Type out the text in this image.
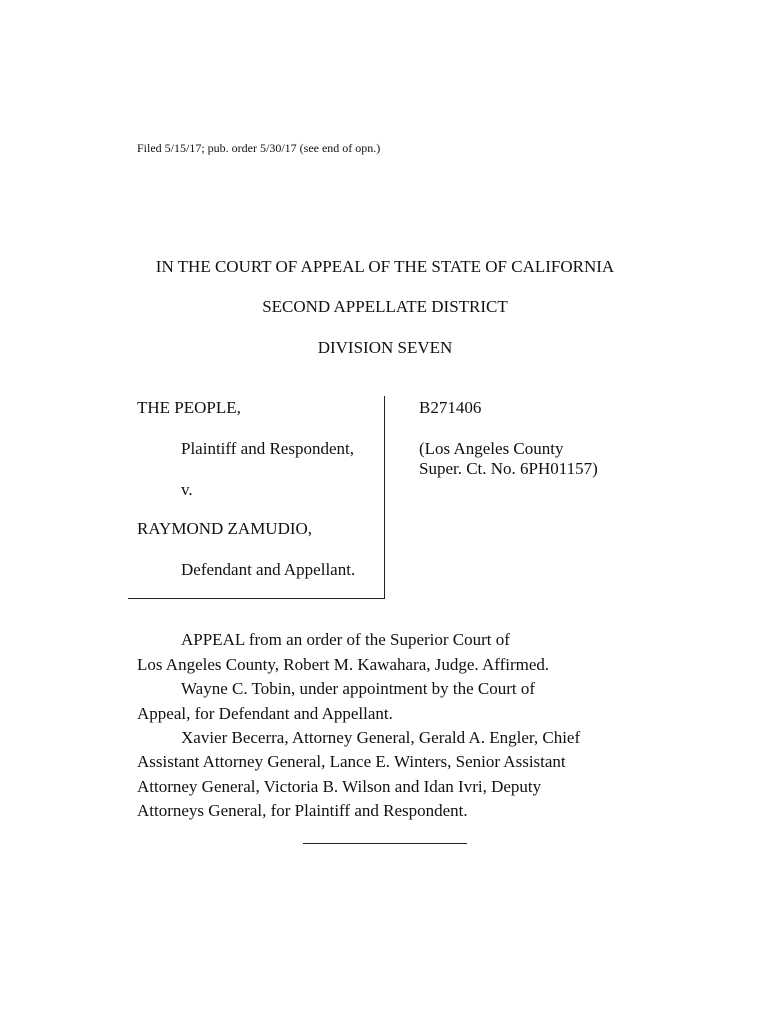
Filed 5/15/17; pub. order 5/30/17 (see end of opn.)
IN THE COURT OF APPEAL OF THE STATE OF CALIFORNIA
SECOND APPELLATE DISTRICT
DIVISION SEVEN
THE PEOPLE,
Plaintiff and Respondent,
v.
RAYMOND ZAMUDIO,
Defendant and Appellant.
B271406
(Los Angeles County
Super. Ct. No. 6PH01157)
APPEAL from an order of the Superior Court of
Los Angeles County, Robert M. Kawahara, Judge. Affirmed.
Wayne C. Tobin, under appointment by the Court of
Appeal, for Defendant and Appellant.
Xavier Becerra, Attorney General, Gerald A. Engler, Chief
Assistant Attorney General, Lance E. Winters, Senior Assistant
Attorney General, Victoria B. Wilson and Idan Ivri, Deputy
Attorneys General, for Plaintiff and Respondent.
